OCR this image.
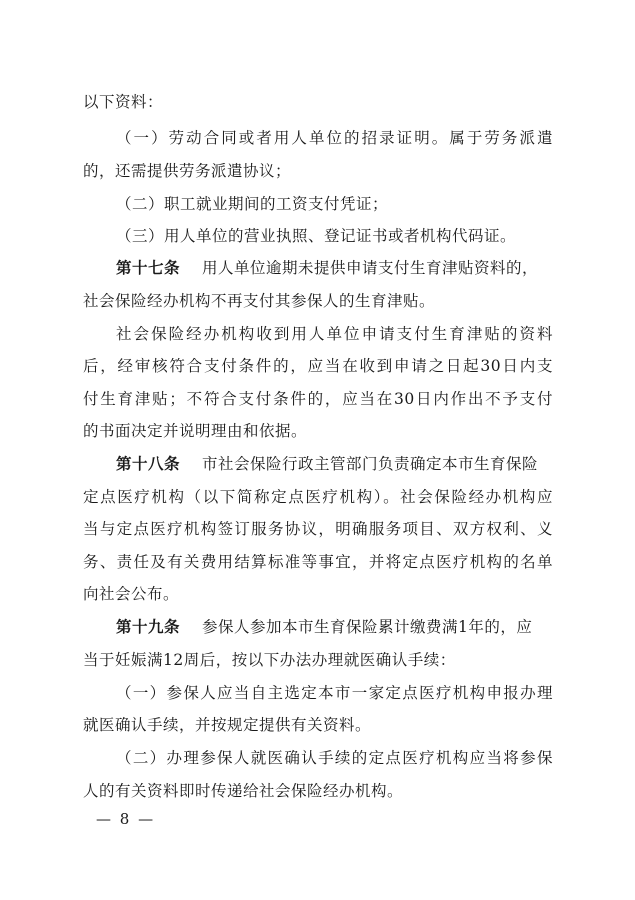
以下资料：
（一）劳动合同或者用人单位的招录证明。属于劳务派遣
的，还需提供劳务派遣协议；
（二）职工就业期间的工资支付凭证；
（三）用人单位的营业执照、登记证书或者机构代码证。
第十七条 用人单位逾期未提供申请支付生育津贴资料的，
社会保险经办机构不再支付其参保人的生育津贴。
社会保险经办机构收到用人单位申请支付生育津贴的资料
后，经审核符合支付条件的，应当在收到申请之日起30日内支
付生育津贴；不符合支付条件的，应当在30日内作出不予支付
的书面决定并说明理由和依据。
第十八条 市社会保险行政主管部门负责确定本市生育保险
定点医疗机构（以下简称定点医疗机构）。社会保险经办机构应
当与定点医疗机构签订服务协议，明确服务项目、双方权利、义
务、责任及有关费用结算标准等事宜，并将定点医疗机构的名单
向社会公布。
第十九条 参保人参加本市生育保险累计缴费满1年的，应
当于妊娠满12周后，按以下办法办理就医确认手续：
（一）参保人应当自主选定本市一家定点医疗机构申报办理
就医确认手续，并按规定提供有关资料。
（二）办理参保人就医确认手续的定点医疗机构应当将参保
人的有关资料即时传递给社会保险经办机构。
— 8 —
